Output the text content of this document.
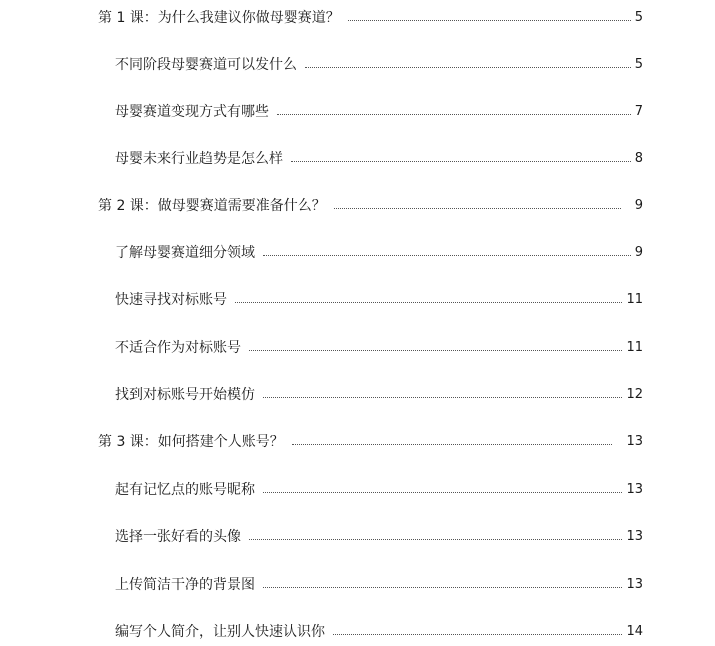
第 1 课：为什么我建议你做母婴赛道？	5
不同阶段母婴赛道可以发什么	5
母婴赛道变现方式有哪些	7
母婴未来行业趋势是怎么样	8
第 2 课：做母婴赛道需要准备什么？	9
了解母婴赛道细分领域	9
快速寻找对标账号	11
不适合作为对标账号	11
找到对标账号开始模仿	12
第 3 课：如何搭建个人账号？	13
起有记忆点的账号昵称	13
选择一张好看的头像	13
上传简洁干净的背景图	13
编写个人简介，让别人快速认识你	14
